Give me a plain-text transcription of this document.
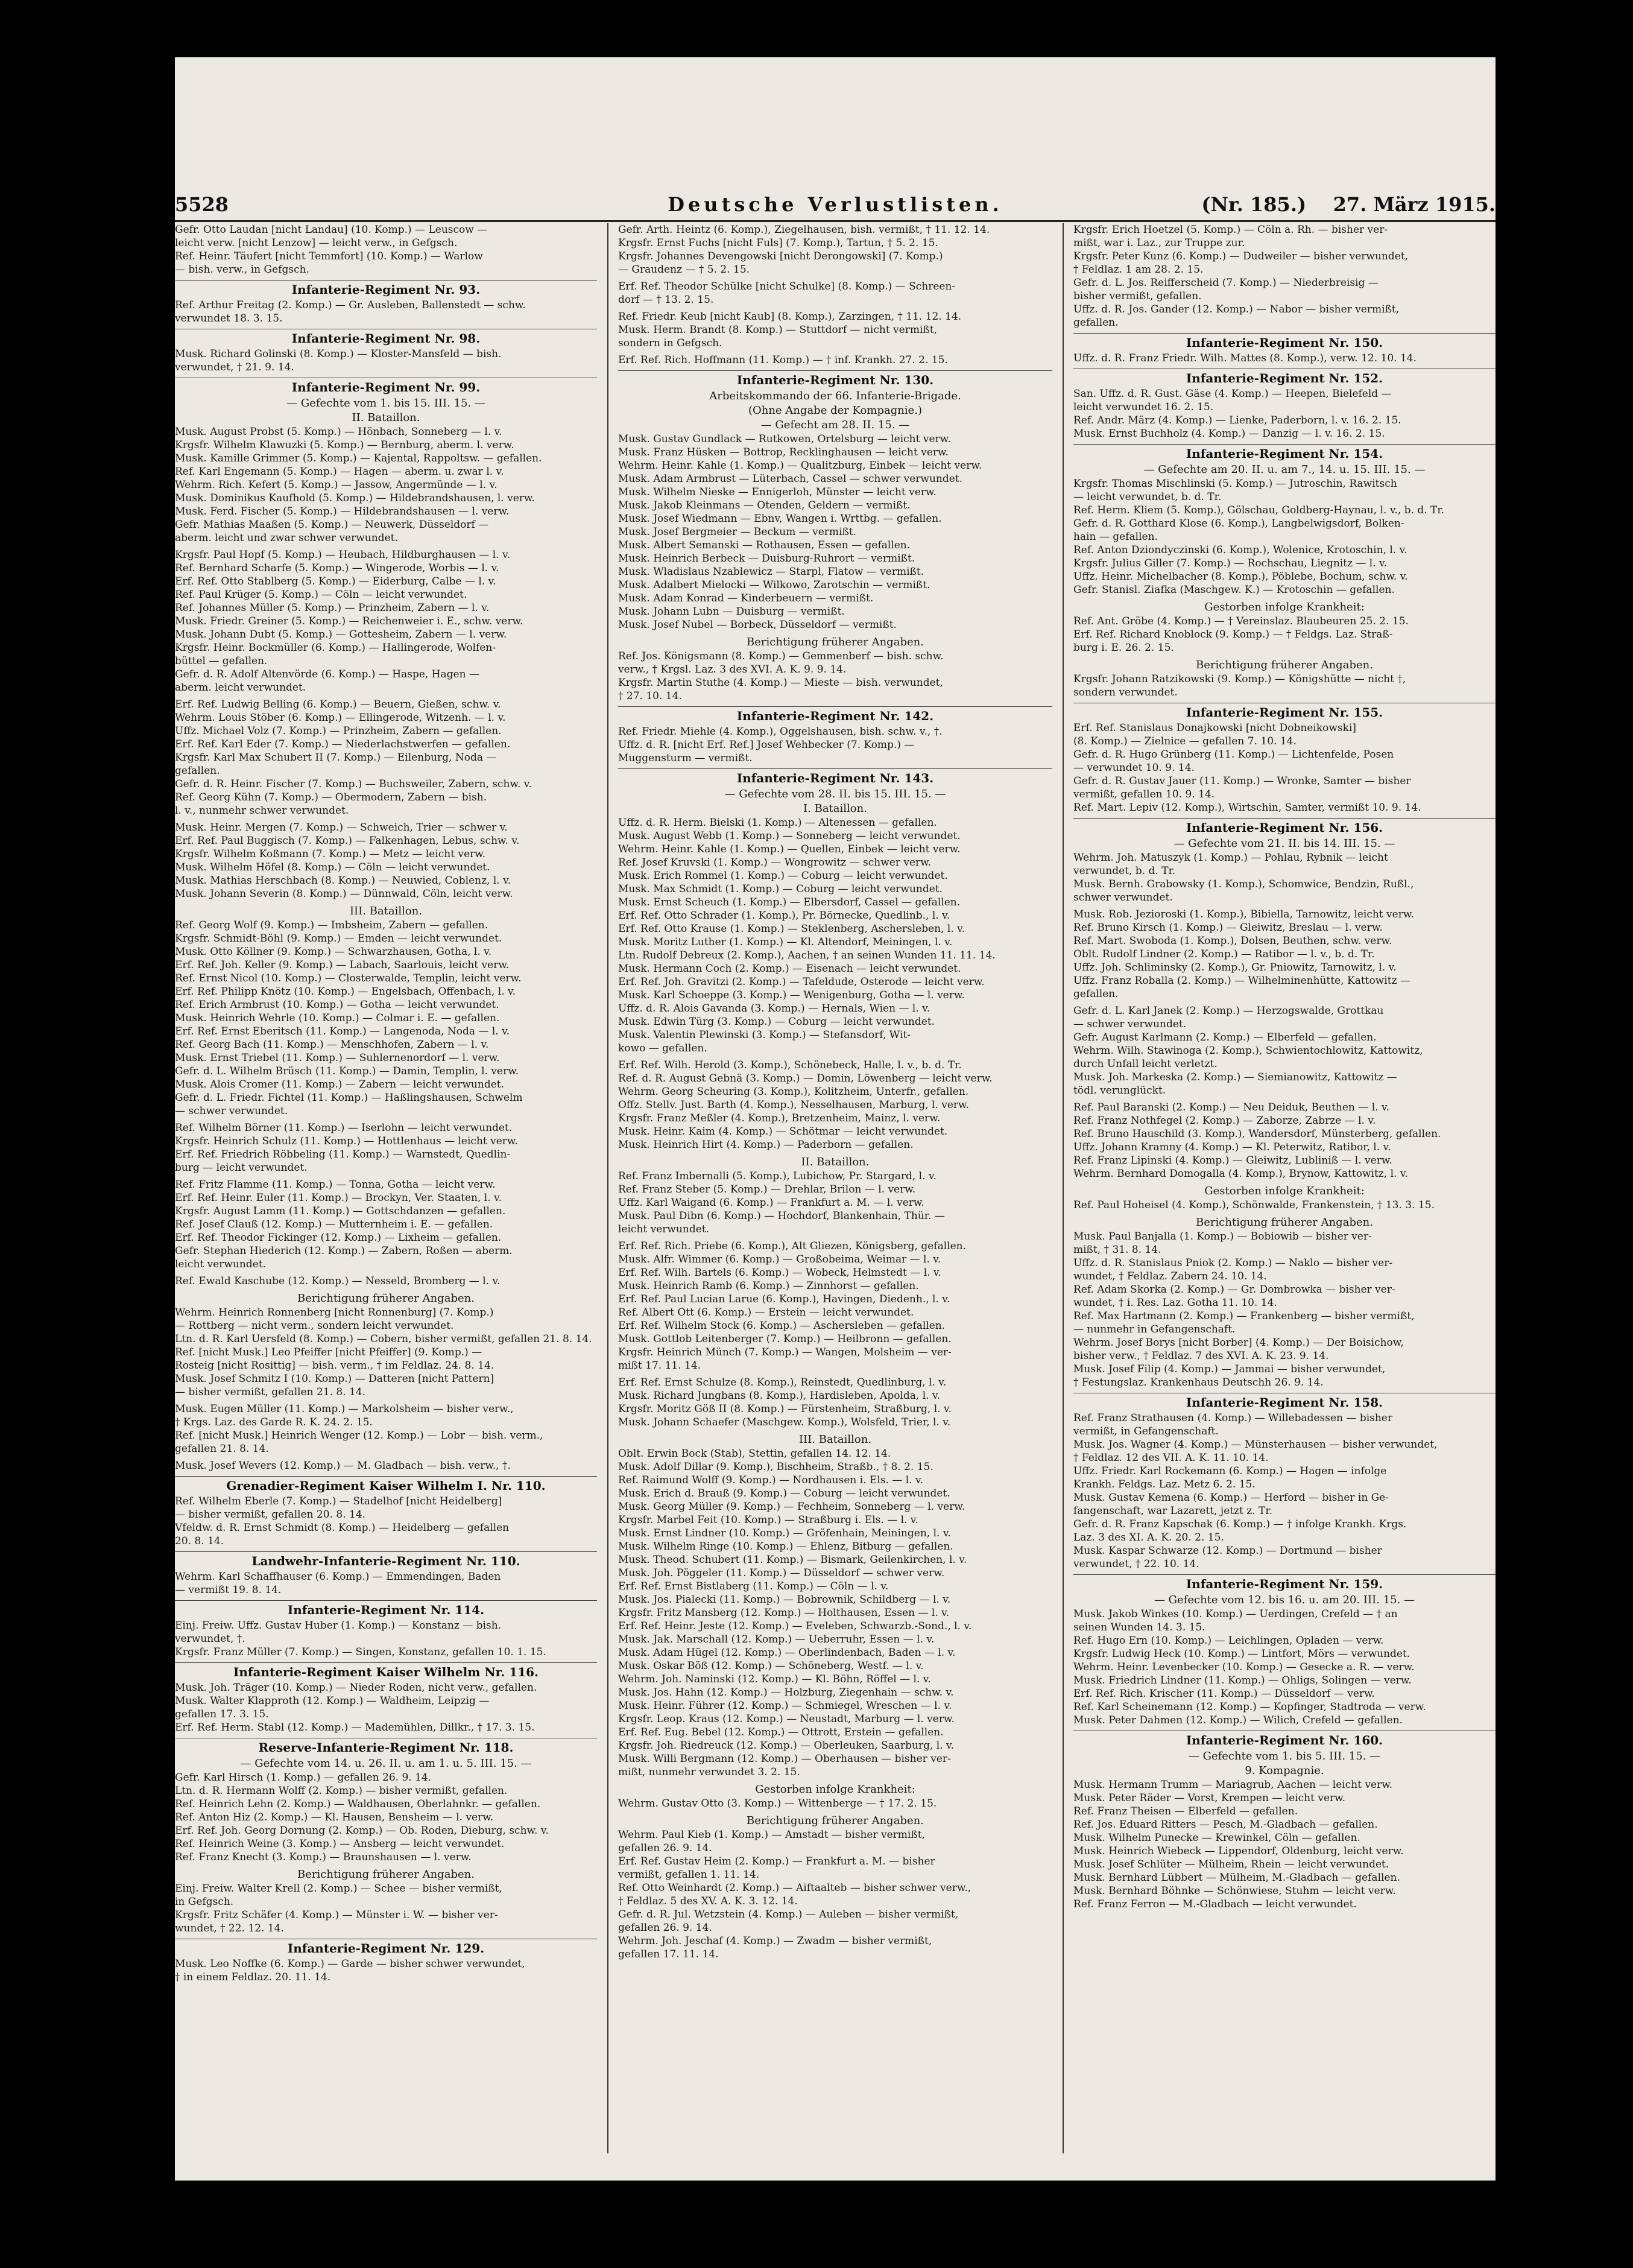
5528	Deutsche Verlustlisten.	(Nr. 185.) 27. März 1915.
Gefr. Otto Laudan [nicht Landau] (10. Komp.) — Leuscow —
leicht verw. [nicht Lenzow] — leicht verw., in Gefgsch.
Ref. Heinr. Täufert [nicht Temmfort] (10. Komp.) — Warlow
— bish. verw., in Gefgsch.
Infanterie-Regiment Nr. 93.
Ref. Arthur Freitag (2. Komp.) — Gr. Ausleben, Ballenstedt — schw.
verwundet 18. 3. 15.
Infanterie-Regiment Nr. 98.
Musk. Richard Golinski (8. Komp.) — Kloster-Mansfeld — bish.
verwundet, † 21. 9. 14.
Infanterie-Regiment Nr. 99.
— Gefechte vom 1. bis 15. III. 15. —
II. Bataillon.
Musk. August Probst (5. Komp.) — Hönbach, Sonneberg — l. v.
Krgsfr. Wilhelm Klawuzki (5. Komp.) — Bernburg, aberm. l. verw.
Musk. Kamille Grimmer (5. Komp.) — Kajental, Rappoltsw. — gefallen.
Ref. Karl Engemann (5. Komp.) — Hagen — aberm. u. zwar l. v.
Wehrm. Rich. Kefert (5. Komp.) — Jassow, Angermünde — l. v.
Musk. Dominikus Kaufhold (5. Komp.) — Hildebrandshausen, l. verw.
Musk. Ferd. Fischer (5. Komp.) — Hildebrandshausen — l. verw.
Gefr. Mathias Maaßen (5. Komp.) — Neuwerk, Düsseldorf —
aberm. leicht und zwar schwer verwundet.
Krgsfr. Paul Hopf (5. Komp.) — Heubach, Hildburghausen — l. v.
Ref. Bernhard Scharfe (5. Komp.) — Wingerode, Worbis — l. v.
Erf. Ref. Otto Stablberg (5. Komp.) — Eiderburg, Calbe — l. v.
Ref. Paul Krüger (5. Komp.) — Cöln — leicht verwundet.
Ref. Johannes Müller (5. Komp.) — Prinzheim, Zabern — l. v.
Musk. Friedr. Greiner (5. Komp.) — Reichenweier i. E., schw. verw.
Musk. Johann Dubt (5. Komp.) — Gottesheim, Zabern — l. verw.
Krgsfr. Heinr. Bockmüller (6. Komp.) — Hallingerode, Wolfen-
büttel — gefallen.
Gefr. d. R. Adolf Altenvörde (6. Komp.) — Haspe, Hagen —
aberm. leicht verwundet.
Erf. Ref. Ludwig Belling (6. Komp.) — Beuern, Gießen, schw. v.
Wehrm. Louis Stöber (6. Komp.) — Ellingerode, Witzenh. — l. v.
Uffz. Michael Volz (7. Komp.) — Prinzheim, Zabern — gefallen.
Erf. Ref. Karl Eder (7. Komp.) — Niederlachstwerfen — gefallen.
Krgsfr. Karl Max Schubert II (7. Komp.) — Eilenburg, Noda —
gefallen.
Gefr. d. R. Heinr. Fischer (7. Komp.) — Buchsweiler, Zabern, schw. v.
Ref. Georg Kühn (7. Komp.) — Obermodern, Zabern — bish.
l. v., nunmehr schwer verwundet.
Musk. Heinr. Mergen (7. Komp.) — Schweich, Trier — schwer v.
Erf. Ref. Paul Buggisch (7. Komp.) — Falkenhagen, Lebus, schw. v.
Krgsfr. Wilhelm Koßmann (7. Komp.) — Metz — leicht verw.
Musk. Wilhelm Höfel (8. Komp.) — Cöln — leicht verwundet.
Musk. Mathias Herschbach (8. Komp.) — Neuwied, Coblenz, l. v.
Musk. Johann Severin (8. Komp.) — Dünnwald, Cöln, leicht verw.
III. Bataillon.
Ref. Georg Wolf (9. Komp.) — Imbsheim, Zabern — gefallen.
Krgsfr. Schmidt-Böhl (9. Komp.) — Emden — leicht verwundet.
Musk. Otto Köllner (9. Komp.) — Schwarzhausen, Gotha, l. v.
Erf. Ref. Joh. Keller (9. Komp.) — Labach, Saarlouis, leicht verw.
Ref. Ernst Nicol (10. Komp.) — Closterwalde, Templin, leicht verw.
Erf. Ref. Philipp Knötz (10. Komp.) — Engelsbach, Offenbach, l. v.
Ref. Erich Armbrust (10. Komp.) — Gotha — leicht verwundet.
Musk. Heinrich Wehrle (10. Komp.) — Colmar i. E. — gefallen.
Erf. Ref. Ernst Eberitsch (11. Komp.) — Langenoda, Noda — l. v.
Ref. Georg Bach (11. Komp.) — Menschhofen, Zabern — l. v.
Musk. Ernst Triebel (11. Komp.) — Suhlernenordorf — l. verw.
Gefr. d. L. Wilhelm Brüsch (11. Komp.) — Damin, Templin, l. verw.
Musk. Alois Cromer (11. Komp.) — Zabern — leicht verwundet.
Gefr. d. L. Friedr. Fichtel (11. Komp.) — Haßlingshausen, Schwelm
— schwer verwundet.
Ref. Wilhelm Börner (11. Komp.) — Iserlohn — leicht verwundet.
Krgsfr. Heinrich Schulz (11. Komp.) — Hottlenhaus — leicht verw.
Erf. Ref. Friedrich Röbbeling (11. Komp.) — Warnstedt, Quedlin-
burg — leicht verwundet.
Ref. Fritz Flamme (11. Komp.) — Tonna, Gotha — leicht verw.
Erf. Ref. Heinr. Euler (11. Komp.) — Brockyn, Ver. Staaten, l. v.
Krgsfr. August Lamm (11. Komp.) — Gottschdanzen — gefallen.
Ref. Josef Clauß (12. Komp.) — Mutternheim i. E. — gefallen.
Erf. Ref. Theodor Fickinger (12. Komp.) — Lixheim — gefallen.
Gefr. Stephan Hiederich (12. Komp.) — Zabern, Roßen — aberm.
leicht verwundet.
Ref. Ewald Kaschube (12. Komp.) — Nesseld, Bromberg — l. v.
Berichtigung früherer Angaben.
Wehrm. Heinrich Ronnenberg [nicht Ronnenburg] (7. Komp.)
— Rottberg — nicht verm., sondern leicht verwundet.
Ltn. d. R. Karl Uersfeld (8. Komp.) — Cobern, bisher vermißt, gefallen 21. 8. 14.
Ref. [nicht Musk.] Leo Pfeiffer [nicht Pfeiffer] (9. Komp.) —
Rosteig [nicht Rosittig] — bish. verm., † im Feldlaz. 24. 8. 14.
Musk. Josef Schmitz I (10. Komp.) — Datteren [nicht Pattern]
— bisher vermißt, gefallen 21. 8. 14.
Musk. Eugen Müller (11. Komp.) — Markolsheim — bisher verw.,
† Krgs. Laz. des Garde R. K. 24. 2. 15.
Ref. [nicht Musk.] Heinrich Wenger (12. Komp.) — Lobr — bish. verm.,
gefallen 21. 8. 14.
Musk. Josef Wevers (12. Komp.) — M. Gladbach — bish. verw., †.
Grenadier-Regiment Kaiser Wilhelm I. Nr. 110.
Ref. Wilhelm Eberle (7. Komp.) — Stadelhof [nicht Heidelberg]
— bisher vermißt, gefallen 20. 8. 14.
Vfeldw. d. R. Ernst Schmidt (8. Komp.) — Heidelberg — gefallen
20. 8. 14.
Landwehr-Infanterie-Regiment Nr. 110.
Wehrm. Karl Schaffhauser (6. Komp.) — Emmendingen, Baden
— vermißt 19. 8. 14.
Infanterie-Regiment Nr. 114.
Einj. Freiw. Uffz. Gustav Huber (1. Komp.) — Konstanz — bish.
verwundet, †.
Krgsfr. Franz Müller (7. Komp.) — Singen, Konstanz, gefallen 10. 1. 15.
Infanterie-Regiment Kaiser Wilhelm Nr. 116.
Musk. Joh. Träger (10. Komp.) — Nieder Roden, nicht verw., gefallen.
Musk. Walter Klapproth (12. Komp.) — Waldheim, Leipzig —
gefallen 17. 3. 15.
Erf. Ref. Herm. Stabl (12. Komp.) — Mademühlen, Dillkr., † 17. 3. 15.
Reserve-Infanterie-Regiment Nr. 118.
— Gefechte vom 14. u. 26. II. u. am 1. u. 5. III. 15. —
Gefr. Karl Hirsch (1. Komp.) — gefallen 26. 9. 14.
Ltn. d. R. Hermann Wolff (2. Komp.) — bisher vermißt, gefallen.
Ref. Heinrich Lehn (2. Komp.) — Waldhausen, Oberlahnkr. — gefallen.
Ref. Anton Hiz (2. Komp.) — Kl. Hausen, Bensheim — l. verw.
Erf. Ref. Joh. Georg Dornung (2. Komp.) — Ob. Roden, Dieburg, schw. v.
Ref. Heinrich Weine (3. Komp.) — Ansberg — leicht verwundet.
Ref. Franz Knecht (3. Komp.) — Braunshausen — l. verw.
Berichtigung früherer Angaben.
Einj. Freiw. Walter Krell (2. Komp.) — Schee — bisher vermißt,
in Gefgsch.
Krgsfr. Fritz Schäfer (4. Komp.) — Münster i. W. — bisher ver-
wundet, † 22. 12. 14.
Infanterie-Regiment Nr. 129.
Musk. Leo Noffke (6. Komp.) — Garde — bisher schwer verwundet,
† in einem Feldlaz. 20. 11. 14.
Gefr. Arth. Heintz (6. Komp.), Ziegelhausen, bish. vermißt, † 11. 12. 14.
Krgsfr. Ernst Fuchs [nicht Fuls] (7. Komp.), Tartun, † 5. 2. 15.
Krgsfr. Johannes Devengowski [nicht Derongowski] (7. Komp.)
— Graudenz — † 5. 2. 15.
Erf. Ref. Theodor Schülke [nicht Schulke] (8. Komp.) — Schreen-
dorf — † 13. 2. 15.
Ref. Friedr. Keub [nicht Kaub] (8. Komp.), Zarzingen, † 11. 12. 14.
Musk. Herm. Brandt (8. Komp.) — Stuttdorf — nicht vermißt,
sondern in Gefgsch.
Erf. Ref. Rich. Hoffmann (11. Komp.) — † inf. Krankh. 27. 2. 15.
Infanterie-Regiment Nr. 130.
Arbeitskommando der 66. Infanterie-Brigade.
(Ohne Angabe der Kompagnie.)
— Gefecht am 28. II. 15. —
Musk. Gustav Gundlack — Rutkowen, Ortelsburg — leicht verw.
Musk. Franz Hüsken — Bottrop, Recklinghausen — leicht verw.
Wehrm. Heinr. Kahle (1. Komp.) — Qualitzburg, Einbek — leicht verw.
Musk. Adam Armbrust — Lüterbach, Cassel — schwer verwundet.
Musk. Wilhelm Nieske — Ennigerloh, Münster — leicht verw.
Musk. Jakob Kleinmans — Otenden, Geldern — vermißt.
Musk. Josef Wiedmann — Ebnv, Wangen i. Wrttbg. — gefallen.
Musk. Josef Bergmeier — Beckum — vermißt.
Musk. Albert Semanski — Rothausen, Essen — gefallen.
Musk. Heinrich Berbeck — Duisburg-Ruhrort — vermißt.
Musk. Wladislaus Nzablewicz — Starpl, Flatow — vermißt.
Musk. Adalbert Mielocki — Wilkowo, Zarotschin — vermißt.
Musk. Adam Konrad — Kinderbeuern — vermißt.
Musk. Johann Lubn — Duisburg — vermißt.
Musk. Josef Nubel — Borbeck, Düsseldorf — vermißt.
Berichtigung früherer Angaben.
Ref. Jos. Königsmann (8. Komp.) — Gemmenberf — bish. schw.
verw., † Krgsl. Laz. 3 des XVI. A. K. 9. 9. 14.
Krgsfr. Martin Stuthe (4. Komp.) — Mieste — bish. verwundet,
† 27. 10. 14.
Infanterie-Regiment Nr. 142.
Ref. Friedr. Miehle (4. Komp.), Oggelshausen, bish. schw. v., †.
Uffz. d. R. [nicht Erf. Ref.] Josef Wehbecker (7. Komp.) —
Muggensturm — vermißt.
Infanterie-Regiment Nr. 143.
— Gefechte vom 28. II. bis 15. III. 15. —
I. Bataillon.
Uffz. d. R. Herm. Bielski (1. Komp.) — Altenessen — gefallen.
Musk. August Webb (1. Komp.) — Sonneberg — leicht verwundet.
Wehrm. Heinr. Kahle (1. Komp.) — Quellen, Einbek — leicht verw.
Ref. Josef Kruvski (1. Komp.) — Wongrowitz — schwer verw.
Musk. Erich Rommel (1. Komp.) — Coburg — leicht verwundet.
Musk. Max Schmidt (1. Komp.) — Coburg — leicht verwundet.
Musk. Ernst Scheuch (1. Komp.) — Elbersdorf, Cassel — gefallen.
Erf. Ref. Otto Schrader (1. Komp.), Pr. Börnecke, Quedlinb., l. v.
Erf. Ref. Otto Krause (1. Komp.) — Steklenberg, Aschersleben, l. v.
Musk. Moritz Luther (1. Komp.) — Kl. Altendorf, Meiningen, l. v.
Ltn. Rudolf Debreux (2. Komp.), Aachen, † an seinen Wunden 11. 11. 14.
Musk. Hermann Coch (2. Komp.) — Eisenach — leicht verwundet.
Erf. Ref. Joh. Gravitzi (2. Komp.) — Tafeldude, Osterode — leicht verw.
Musk. Karl Schoeppe (3. Komp.) — Wenigenburg, Gotha — l. verw.
Uffz. d. R. Alois Gavanda (3. Komp.) — Hernals, Wien — l. v.
Musk. Edwin Türg (3. Komp.) — Coburg — leicht verwundet.
Musk. Valentin Plewinski (3. Komp.) — Stefansdorf, Wit-
kowo — gefallen.
Erf. Ref. Wilh. Herold (3. Komp.), Schönebeck, Halle, l. v., b. d. Tr.
Ref. d. R. August Gebnä (3. Komp.) — Domin, Löwenberg — leicht verw.
Wehrm. Georg Scheuring (3. Komp.), Kolitzheim, Unterfr., gefallen.
Offz. Stellv. Just. Barth (4. Komp.), Nesselhausen, Marburg, l. verw.
Krgsfr. Franz Meßler (4. Komp.), Bretzenheim, Mainz, l. verw.
Musk. Heinr. Kaim (4. Komp.) — Schötmar — leicht verwundet.
Musk. Heinrich Hirt (4. Komp.) — Paderborn — gefallen.
II. Bataillon.
Ref. Franz Imbernalli (5. Komp.), Lubichow, Pr. Stargard, l. v.
Ref. Franz Steber (5. Komp.) — Drehlar, Brilon — l. verw.
Uffz. Karl Waigand (6. Komp.) — Frankfurt a. M. — l. verw.
Musk. Paul Dibn (6. Komp.) — Hochdorf, Blankenhain, Thür. —
leicht verwundet.
Erf. Ref. Rich. Priebe (6. Komp.), Alt Gliezen, Königsberg, gefallen.
Musk. Alfr. Wimmer (6. Komp.) — Großobeima, Weimar — l. v.
Erf. Ref. Wilh. Bartels (6. Komp.) — Wobeck, Helmstedt — l. v.
Musk. Heinrich Ramb (6. Komp.) — Zinnhorst — gefallen.
Erf. Ref. Paul Lucian Larue (6. Komp.), Havingen, Diedenh., l. v.
Ref. Albert Ott (6. Komp.) — Erstein — leicht verwundet.
Erf. Ref. Wilhelm Stock (6. Komp.) — Aschersleben — gefallen.
Musk. Gottlob Leitenberger (7. Komp.) — Heilbronn — gefallen.
Krgsfr. Heinrich Münch (7. Komp.) — Wangen, Molsheim — ver-
mißt 17. 11. 14.
Erf. Ref. Ernst Schulze (8. Komp.), Reinstedt, Quedlinburg, l. v.
Musk. Richard Jungbans (8. Komp.), Hardisleben, Apolda, l. v.
Krgsfr. Moritz Göß II (8. Komp.) — Fürstenheim, Straßburg, l. v.
Musk. Johann Schaefer (Maschgew. Komp.), Wolsfeld, Trier, l. v.
III. Bataillon.
Oblt. Erwin Bock (Stab), Stettin, gefallen 14. 12. 14.
Musk. Adolf Dillar (9. Komp.), Bischheim, Straßb., † 8. 2. 15.
Ref. Raimund Wolff (9. Komp.) — Nordhausen i. Els. — l. v.
Musk. Erich d. Brauß (9. Komp.) — Coburg — leicht verwundet.
Musk. Georg Müller (9. Komp.) — Fechheim, Sonneberg — l. verw.
Krgsfr. Marbel Feit (10. Komp.) — Straßburg i. Els. — l. v.
Musk. Ernst Lindner (10. Komp.) — Gröfenhain, Meiningen, l. v.
Musk. Wilhelm Ringe (10. Komp.) — Ehlenz, Bitburg — gefallen.
Musk. Theod. Schubert (11. Komp.) — Bismark, Geilenkirchen, l. v.
Musk. Joh. Pöggeler (11. Komp.) — Düsseldorf — schwer verw.
Erf. Ref. Ernst Bistlaberg (11. Komp.) — Cöln — l. v.
Musk. Jos. Pialecki (11. Komp.) — Bobrownik, Schildberg — l. v.
Krgsfr. Fritz Mansberg (12. Komp.) — Holthausen, Essen — l. v.
Erf. Ref. Heinr. Jeste (12. Komp.) — Eveleben, Schwarzb.-Sond., l. v.
Musk. Jak. Marschall (12. Komp.) — Ueberruhr, Essen — l. v.
Musk. Adam Hügel (12. Komp.) — Oberlindenbach, Baden — l. v.
Musk. Oskar Böß (12. Komp.) — Schöneberg, Westf. — l. v.
Wehrm. Joh. Naminski (12. Komp.) — Kl. Böhn, Röffel — l. v.
Musk. Jos. Hahn (12. Komp.) — Holzburg, Ziegenhain — schw. v.
Musk. Heinr. Führer (12. Komp.) — Schmiegel, Wreschen — l. v.
Krgsfr. Leop. Kraus (12. Komp.) — Neustadt, Marburg — l. verw.
Erf. Ref. Eug. Bebel (12. Komp.) — Ottrott, Erstein — gefallen.
Krgsfr. Joh. Riedreuck (12. Komp.) — Oberleuken, Saarburg, l. v.
Musk. Willi Bergmann (12. Komp.) — Oberhausen — bisher ver-
mißt, nunmehr verwundet 3. 2. 15.
Gestorben infolge Krankheit:
Wehrm. Gustav Otto (3. Komp.) — Wittenberge — † 17. 2. 15.
Berichtigung früherer Angaben.
Wehrm. Paul Kieb (1. Komp.) — Amstadt — bisher vermißt,
gefallen 26. 9. 14.
Erf. Ref. Gustav Heim (2. Komp.) — Frankfurt a. M. — bisher
vermißt, gefallen 1. 11. 14.
Ref. Otto Weinhardt (2. Komp.) — Aiftaalteb — bisher schwer verw.,
† Feldlaz. 5 des XV. A. K. 3. 12. 14.
Gefr. d. R. Jul. Wetzstein (4. Komp.) — Auleben — bisher vermißt,
gefallen 26. 9. 14.
Wehrm. Joh. Jeschaf (4. Komp.) — Zwadm — bisher vermißt,
gefallen 17. 11. 14.
Krgsfr. Erich Hoetzel (5. Komp.) — Cöln a. Rh. — bisher ver-
mißt, war i. Laz., zur Truppe zur.
Krgsfr. Peter Kunz (6. Komp.) — Dudweiler — bisher verwundet,
† Feldlaz. 1 am 28. 2. 15.
Gefr. d. L. Jos. Reifferscheid (7. Komp.) — Niederbreisig —
bisher vermißt, gefallen.
Uffz. d. R. Jos. Gander (12. Komp.) — Nabor — bisher vermißt,
gefallen.
Infanterie-Regiment Nr. 150.
Uffz. d. R. Franz Friedr. Wilh. Mattes (8. Komp.), verw. 12. 10. 14.
Infanterie-Regiment Nr. 152.
San. Uffz. d. R. Gust. Gäse (4. Komp.) — Heepen, Bielefeld —
leicht verwundet 16. 2. 15.
Ref. Andr. März (4. Komp.) — Lienke, Paderborn, l. v. 16. 2. 15.
Musk. Ernst Buchholz (4. Komp.) — Danzig — l. v. 16. 2. 15.
Infanterie-Regiment Nr. 154.
— Gefechte am 20. II. u. am 7., 14. u. 15. III. 15. —
Krgsfr. Thomas Mischlinski (5. Komp.) — Jutroschin, Rawitsch
— leicht verwundet, b. d. Tr.
Ref. Herm. Kliem (5. Komp.), Gölschau, Goldberg-Haynau, l. v., b. d. Tr.
Gefr. d. R. Gotthard Klose (6. Komp.), Langbelwigsdorf, Bolken-
hain — gefallen.
Ref. Anton Dziondyczinski (6. Komp.), Wolenice, Krotoschin, l. v.
Krgsfr. Julius Giller (7. Komp.) — Rochschau, Liegnitz — l. v.
Uffz. Heinr. Michelbacher (8. Komp.), Pöblebe, Bochum, schw. v.
Gefr. Stanisl. Ziafka (Maschgew. K.) — Krotoschin — gefallen.
Gestorben infolge Krankheit:
Ref. Ant. Gröbe (4. Komp.) — † Vereinslaz. Blaubeuren 25. 2. 15.
Erf. Ref. Richard Knoblock (9. Komp.) — † Feldgs. Laz. Straß-
burg i. E. 26. 2. 15.
Berichtigung früherer Angaben.
Krgsfr. Johann Ratzikowski (9. Komp.) — Königshütte — nicht †,
sondern verwundet.
Infanterie-Regiment Nr. 155.
Erf. Ref. Stanislaus Donajkowski [nicht Dobneikowski]
(8. Komp.) — Zielnice — gefallen 7. 10. 14.
Gefr. d. R. Hugo Grünberg (11. Komp.) — Lichtenfelde, Posen
— verwundet 10. 9. 14.
Gefr. d. R. Gustav Jauer (11. Komp.) — Wronke, Samter — bisher
vermißt, gefallen 10. 9. 14.
Ref. Mart. Lepiv (12. Komp.), Wirtschin, Samter, vermißt 10. 9. 14.
Infanterie-Regiment Nr. 156.
— Gefechte vom 21. II. bis 14. III. 15. —
Wehrm. Joh. Matuszyk (1. Komp.) — Pohlau, Rybnik — leicht
verwundet, b. d. Tr.
Musk. Bernh. Grabowsky (1. Komp.), Schomwice, Bendzin, Rußl.,
schwer verwundet.
Musk. Rob. Jezioroski (1. Komp.), Bibiella, Tarnowitz, leicht verw.
Ref. Bruno Kirsch (1. Komp.) — Gleiwitz, Breslau — l. verw.
Ref. Mart. Swoboda (1. Komp.), Dolsen, Beuthen, schw. verw.
Oblt. Rudolf Lindner (2. Komp.) — Ratibor — l. v., b. d. Tr.
Uffz. Joh. Schliminsky (2. Komp.), Gr. Pniowitz, Tarnowitz, l. v.
Uffz. Franz Roballa (2. Komp.) — Wilhelminenhütte, Kattowitz —
gefallen.
Gefr. d. L. Karl Janek (2. Komp.) — Herzogswalde, Grottkau
— schwer verwundet.
Gefr. August Karlmann (2. Komp.) — Elberfeld — gefallen.
Wehrm. Wilh. Stawinoga (2. Komp.), Schwientochlowitz, Kattowitz,
durch Unfall leicht verletzt.
Musk. Joh. Markeska (2. Komp.) — Siemianowitz, Kattowitz —
tödl. verunglückt.
Ref. Paul Baranski (2. Komp.) — Neu Deiduk, Beuthen — l. v.
Ref. Franz Nothfegel (2. Komp.) — Zaborze, Zabrze — l. v.
Ref. Bruno Hauschild (3. Komp.), Wandersdorf, Münsterberg, gefallen.
Uffz. Johann Kramny (4. Komp.) — Kl. Peterwitz, Ratibor, l. v.
Ref. Franz Lipinski (4. Komp.) — Gleiwitz, Lubliniß — l. verw.
Wehrm. Bernhard Domogalla (4. Komp.), Brynow, Kattowitz, l. v.
Gestorben infolge Krankheit:
Ref. Paul Hoheisel (4. Komp.), Schönwalde, Frankenstein, † 13. 3. 15.
Berichtigung früherer Angaben.
Musk. Paul Banjalla (1. Komp.) — Bobiowib — bisher ver-
mißt, † 31. 8. 14.
Uffz. d. R. Stanislaus Pniok (2. Komp.) — Naklo — bisher ver-
wundet, † Feldlaz. Zabern 24. 10. 14.
Ref. Adam Skorka (2. Komp.) — Gr. Dombrowka — bisher ver-
wundet, † i. Res. Laz. Gotha 11. 10. 14.
Ref. Max Hartmann (2. Komp.) — Frankenberg — bisher vermißt,
— nunmehr in Gefangenschaft.
Wehrm. Josef Borys [nicht Borber] (4. Komp.) — Der Boisichow,
bisher verw., † Feldlaz. 7 des XVI. A. K. 23. 9. 14.
Musk. Josef Filip (4. Komp.) — Jammai — bisher verwundet,
† Festungslaz. Krankenhaus Deutschh 26. 9. 14.
Infanterie-Regiment Nr. 158.
Ref. Franz Strathausen (4. Komp.) — Willebadessen — bisher
vermißt, in Gefangenschaft.
Musk. Jos. Wagner (4. Komp.) — Münsterhausen — bisher verwundet,
† Feldlaz. 12 des VII. A. K. 11. 10. 14.
Uffz. Friedr. Karl Rockemann (6. Komp.) — Hagen — infolge
Krankh. Feldgs. Laz. Metz 6. 2. 15.
Musk. Gustav Kemena (6. Komp.) — Herford — bisher in Ge-
fangenschaft, war Lazarett, jetzt z. Tr.
Gefr. d. R. Franz Kapschak (6. Komp.) — † infolge Krankh. Krgs.
Laz. 3 des XI. A. K. 20. 2. 15.
Musk. Kaspar Schwarze (12. Komp.) — Dortmund — bisher
verwundet, † 22. 10. 14.
Infanterie-Regiment Nr. 159.
— Gefechte vom 12. bis 16. u. am 20. III. 15. —
Musk. Jakob Winkes (10. Komp.) — Uerdingen, Crefeld — † an
seinen Wunden 14. 3. 15.
Ref. Hugo Ern (10. Komp.) — Leichlingen, Opladen — verw.
Krgsfr. Ludwig Heck (10. Komp.) — Lintfort, Mörs — verwundet.
Wehrm. Heinr. Levenbecker (10. Komp.) — Gesecke a. R. — verw.
Musk. Friedrich Lindner (11. Komp.) — Ohligs, Solingen — verw.
Erf. Ref. Rich. Krischer (11. Komp.) — Düsseldorf — verw.
Ref. Karl Scheinemann (12. Komp.) — Kopfinger, Stadtroda — verw.
Musk. Peter Dahmen (12. Komp.) — Wilich, Crefeld — gefallen.
Infanterie-Regiment Nr. 160.
— Gefechte vom 1. bis 5. III. 15. —
9. Kompagnie.
Musk. Hermann Trumm — Mariagrub, Aachen — leicht verw.
Musk. Peter Räder — Vorst, Krempen — leicht verw.
Ref. Franz Theisen — Elberfeld — gefallen.
Ref. Jos. Eduard Ritters — Pesch, M.-Gladbach — gefallen.
Musk. Wilhelm Punecke — Krewinkel, Cöln — gefallen.
Musk. Heinrich Wiebeck — Lippendorf, Oldenburg, leicht verw.
Musk. Josef Schlüter — Mülheim, Rhein — leicht verwundet.
Musk. Bernhard Lübbert — Mülheim, M.-Gladbach — gefallen.
Musk. Bernhard Böhnke — Schönwiese, Stuhm — leicht verw.
Ref. Franz Ferron — M.-Gladbach — leicht verwundet.
